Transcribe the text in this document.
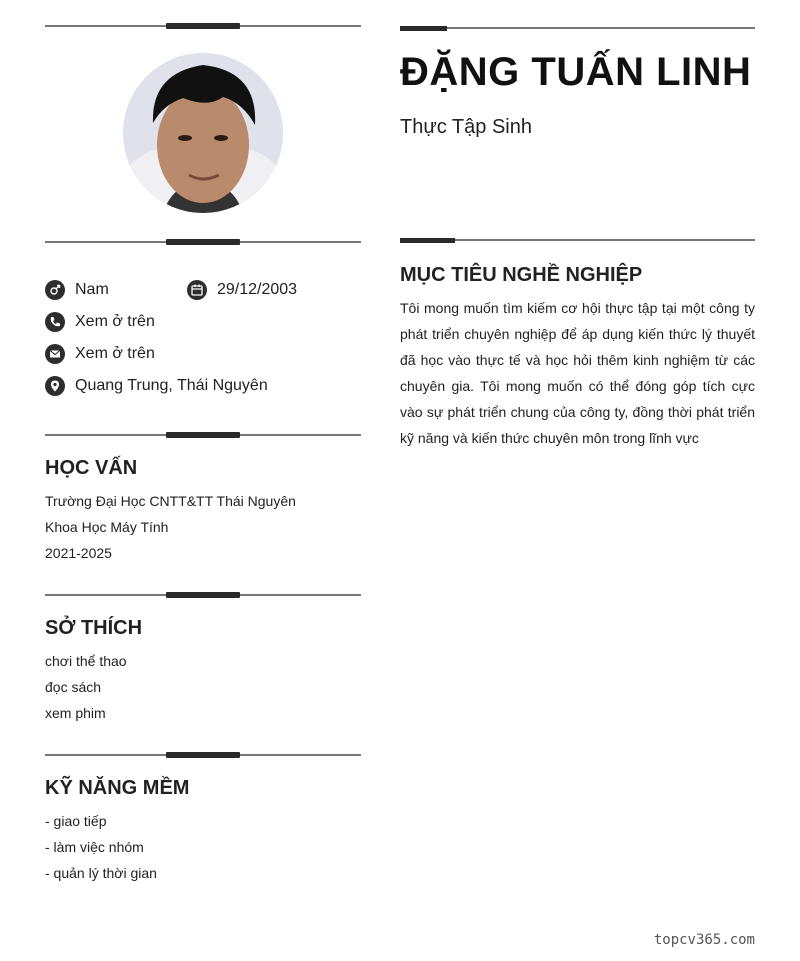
Nam	29/12/2003
Xem ở trên
Xem ở trên
Quang Trung, Thái Nguyên
HỌC VẤN
Trường Đại Học CNTT&TT Thái Nguyên
Khoa Học Máy Tính
2021-2025
SỞ THÍCH
chơi thể thao
đọc sách
xem phim
KỸ NĂNG MỀM
- giao tiếp
- làm việc nhóm
- quản lý thời gian
ĐẶNG TUẤN LINH
Thực Tập Sinh
MỤC TIÊU NGHỀ NGHIỆP
Tôi mong muốn tìm kiếm cơ hội thực tập tại một công ty phát triển chuyên nghiệp để áp dụng kiến thức lý thuyết đã học vào thực tế và học hỏi thêm kinh nghiệm từ các chuyên gia. Tôi mong muốn có thể đóng góp tích cực vào sự phát triển chung của công ty, đồng thời phát triển kỹ năng và kiến thức chuyên môn trong lĩnh vực
topcv365.com
